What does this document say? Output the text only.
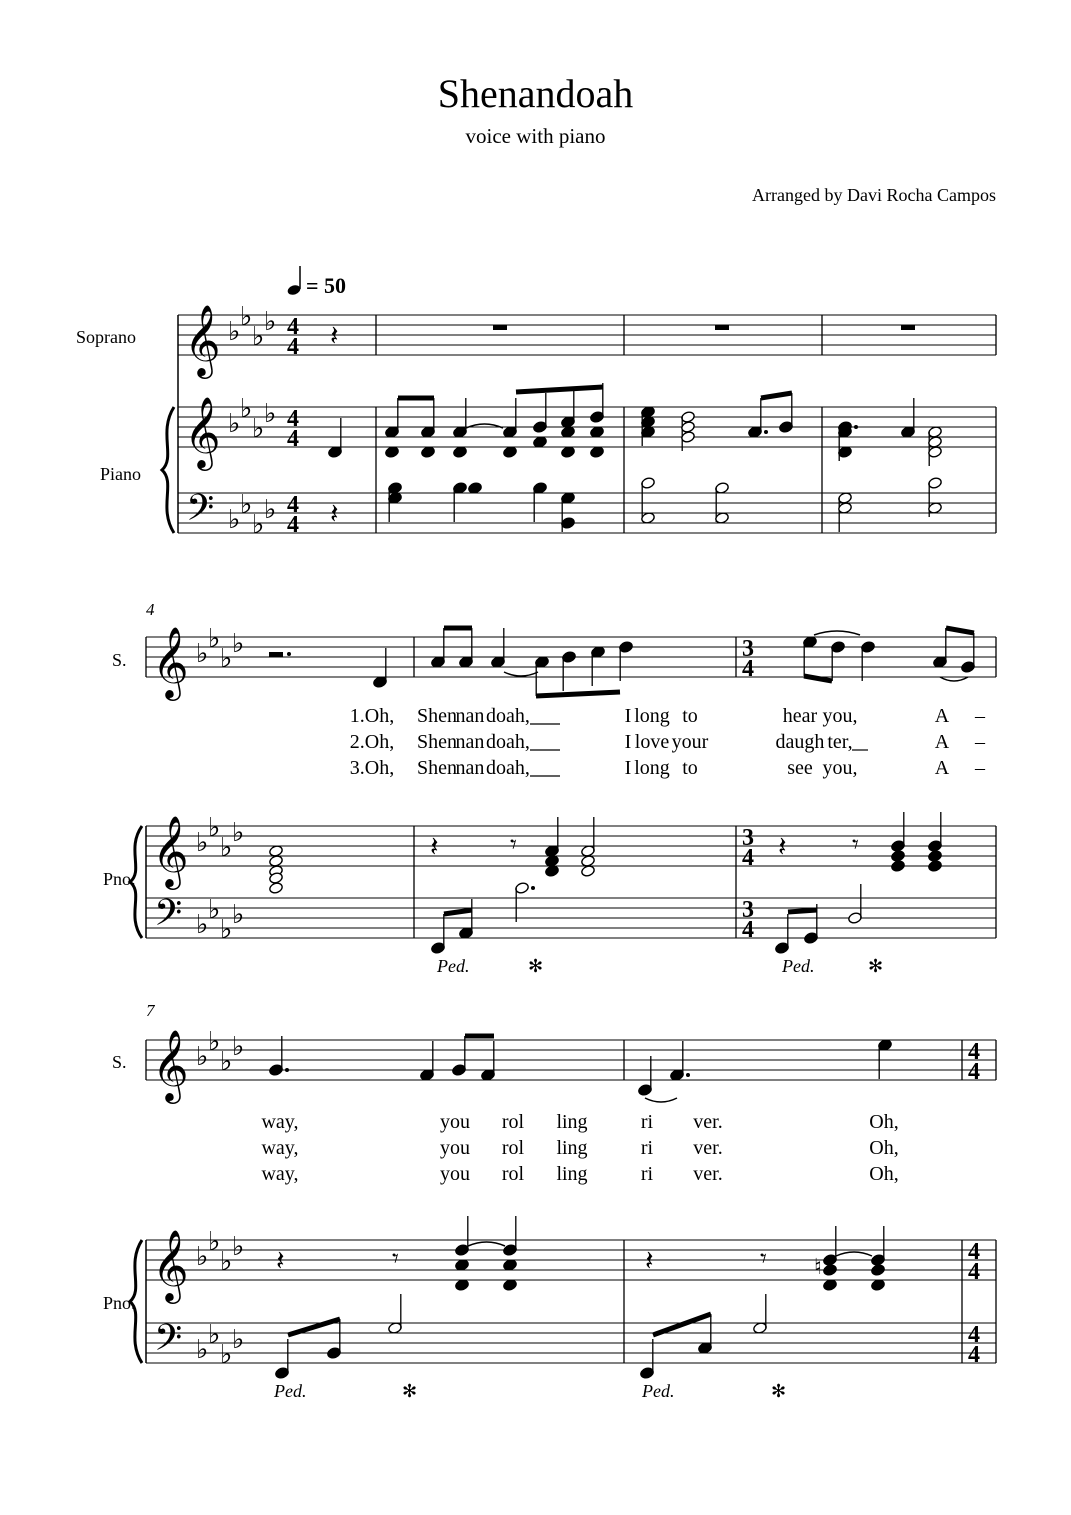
Shenandoah
voice with piano
Arranged by Davi Rocha Campos
= 50
Soprano
Piano
S.
Pno.
S.
Pno.
4
7
𝄞
𝄞
𝄢
♭
♭
♭
♭
♭
♭
♭
♭
♭
♭
♭
♭
4
4
4
4
4
4
𝄞
𝄞
𝄢
♭
♭
♭
♭
♭
♭
♭
♭
♭
♭
♭
♭
3
4
3
4
3
4
𝄞
𝄞
𝄢
♭
♭
♭
♭
♭
♭
♭
♭
♭
♭
♭
♭
4
4
4
4
4
4
𝄽
𝄽
𝄽	𝄾	𝄽	𝄾
𝄽	𝄾	𝄽	𝄾 ♮
1.Oh, Shen
nan doah,	I long to	hear you,	A –
2.Oh, Shen
nan doah,	I love your	daugh ter,	A –
3.Oh, Shen
nan doah,	I long to	see you,	A –
way,	you rol ling	ri ver.	Oh,
way,	you rol ling	ri ver.	Oh,
way,	you rol ling	ri ver.	Oh,
Ped.	✻	Ped.	✻
Ped.	✻	Ped.	✻
